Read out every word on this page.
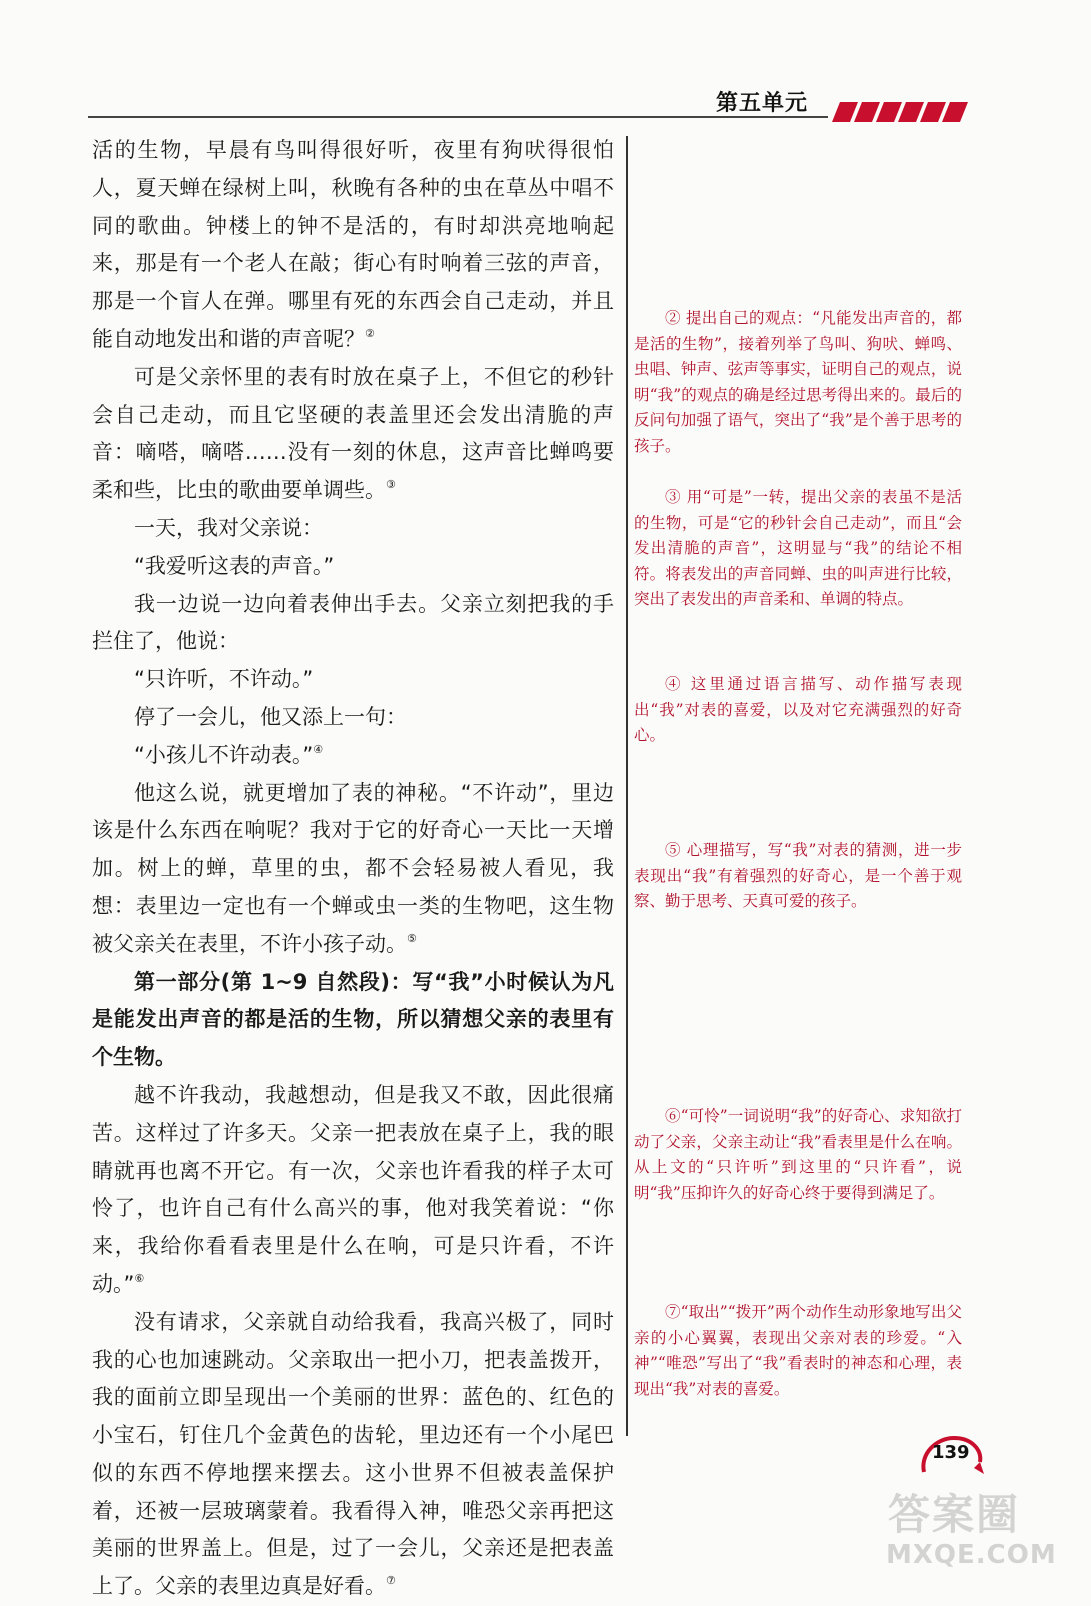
第五单元

活的生物，早晨有鸟叫得很好听，夜里有狗吠得很怕人，夏天蝉在绿树上叫，秋晚有各种的虫在草丛中唱不同的歌曲。钟楼上的钟不是活的，有时却洪亮地响起来，那是有一个老人在敲；街心有时响着三弦的声音，那是一个盲人在弹。哪里有死的东西会自己走动，并且能自动地发出和谐的声音呢？②

可是父亲怀里的表有时放在桌子上，不但它的秒针会自己走动，而且它坚硬的表盖里还会发出清脆的声音：嘀嗒，嘀嗒……没有一刻的休息，这声音比蝉鸣要柔和些，比虫的歌曲要单调些。③

一天，我对父亲说：

“我爱听这表的声音。”

我一边说一边向着表伸出手去。父亲立刻把我的手拦住了，他说：

“只许听，不许动。”

停了一会儿，他又添上一句：

“小孩儿不许动表。”④

他这么说，就更增加了表的神秘。“不许动”，里边该是什么东西在响呢？我对于它的好奇心一天比一天增加。树上的蝉，草里的虫，都不会轻易被人看见，我想：表里边一定也有一个蝉或虫一类的生物吧，这生物被父亲关在表里，不许小孩子动。⑤

第一部分(第 1~9 自然段)：写“我”小时候认为凡是能发出声音的都是活的生物，所以猜想父亲的表里有个生物。

越不许我动，我越想动，但是我又不敢，因此很痛苦。这样过了许多天。父亲一把表放在桌子上，我的眼睛就再也离不开它。有一次，父亲也许看我的样子太可怜了，也许自己有什么高兴的事，他对我笑着说：“你来，我给你看看表里是什么在响，可是只许看，不许动。”⑥

没有请求，父亲就自动给我看，我高兴极了，同时我的心也加速跳动。父亲取出一把小刀，把表盖拨开，我的面前立即呈现出一个美丽的世界：蓝色的、红色的小宝石，钉住几个金黄色的齿轮，里边还有一个小尾巴似的东西不停地摆来摆去。这小世界不但被表盖保护着，还被一层玻璃蒙着。我看得入神，唯恐父亲再把这美丽的世界盖上。但是，过了一会儿，父亲还是把表盖上了。父亲的表里边真是好看。⑦

② 提出自己的观点：“凡能发出声音的，都是活的生物”，接着列举了鸟叫、狗吠、蝉鸣、虫唱、钟声、弦声等事实，证明自己的观点，说明“我”的观点的确是经过思考得出来的。最后的反问句加强了语气，突出了“我”是个善于思考的孩子。
③ 用“可是”一转，提出父亲的表虽不是活的生物，可是“它的秒针会自己走动”，而且“会发出清脆的声音”，这明显与“我”的结论不相符。将表发出的声音同蝉、虫的叫声进行比较，突出了表发出的声音柔和、单调的特点。
④ 这里通过语言描写、动作描写表现出“我”对表的喜爱，以及对它充满强烈的好奇心。
⑤ 心理描写，写“我”对表的猜测，进一步表现出“我”有着强烈的好奇心，是一个善于观察、勤于思考、天真可爱的孩子。
⑥“可怜”一词说明“我”的好奇心、求知欲打动了父亲，父亲主动让“我”看表里是什么在响。从上文的“只许听”到这里的“只许看”，说明“我”压抑许久的好奇心终于要得到满足了。
⑦“取出”“拨开”两个动作生动形象地写出父亲的小心翼翼，表现出父亲对表的珍爱。“入神”“唯恐”写出了“我”看表时的神态和心理，表现出“我”对表的喜爱。
139
答案圈
MXQE.COM
